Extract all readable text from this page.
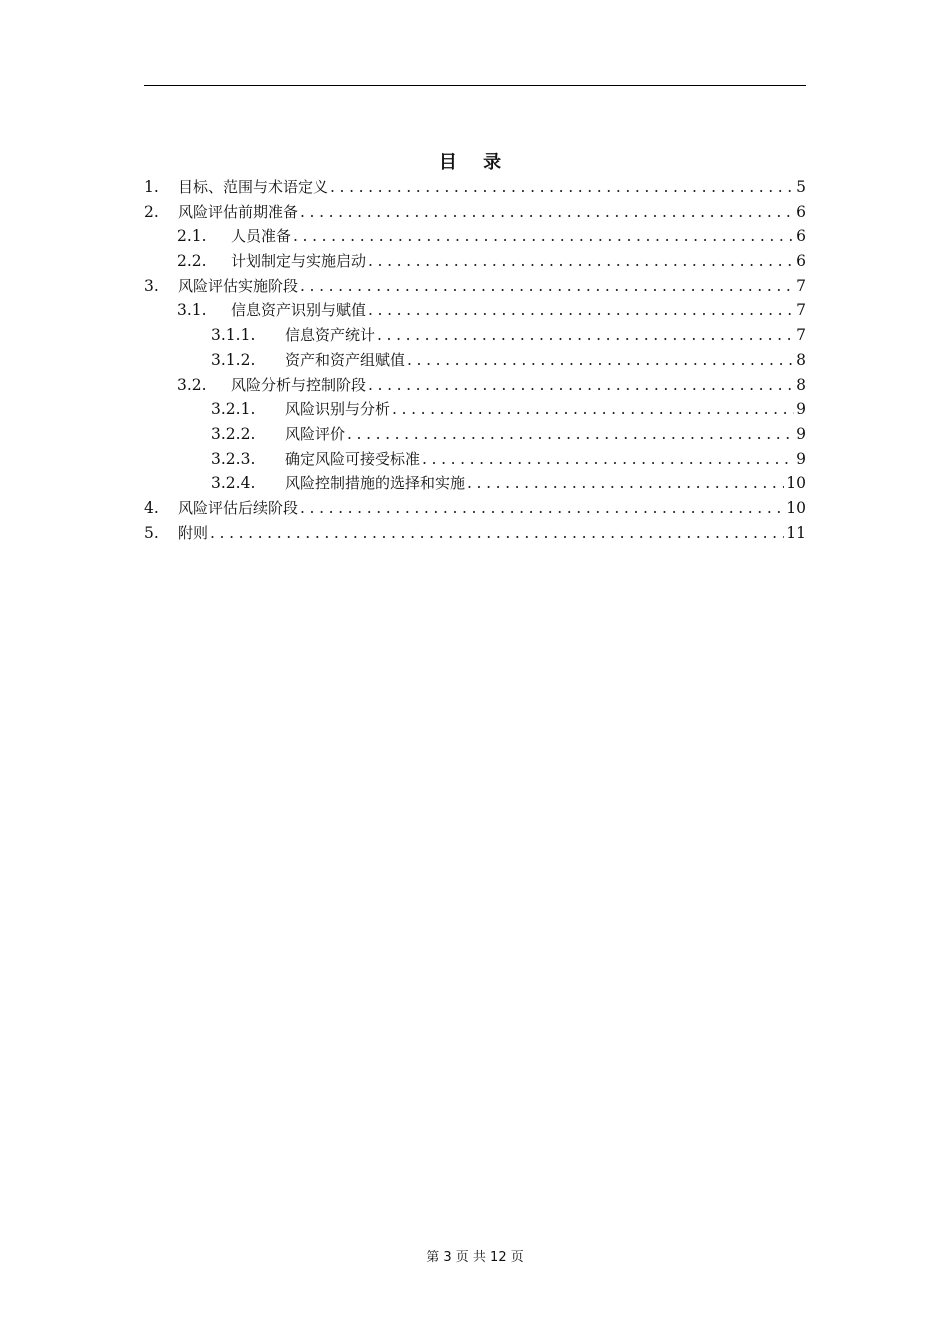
目 录
1.	目标、范围与术语定义 .....	5
2.	风险评估前期准备 .....	6
2.1.	人员准备 .....	6
2.2.	计划制定与实施启动 .....	6
3.	风险评估实施阶段 .....	7
3.1.	信息资产识别与赋值 .....	7
3.1.1.	信息资产统计 .....	7
3.1.2.	资产和资产组赋值 .....	8
3.2.	风险分析与控制阶段 .....	8
3.2.1.	风险识别与分析 .....	9
3.2.2.	风险评价 .....	9
3.2.3.	确定风险可接受标准 .....	9
3.2.4.	风险控制措施的选择和实施 .....	10
4.	风险评估后续阶段 .....	10
5.	附则 .....	11
第 3 页 共 12 页
